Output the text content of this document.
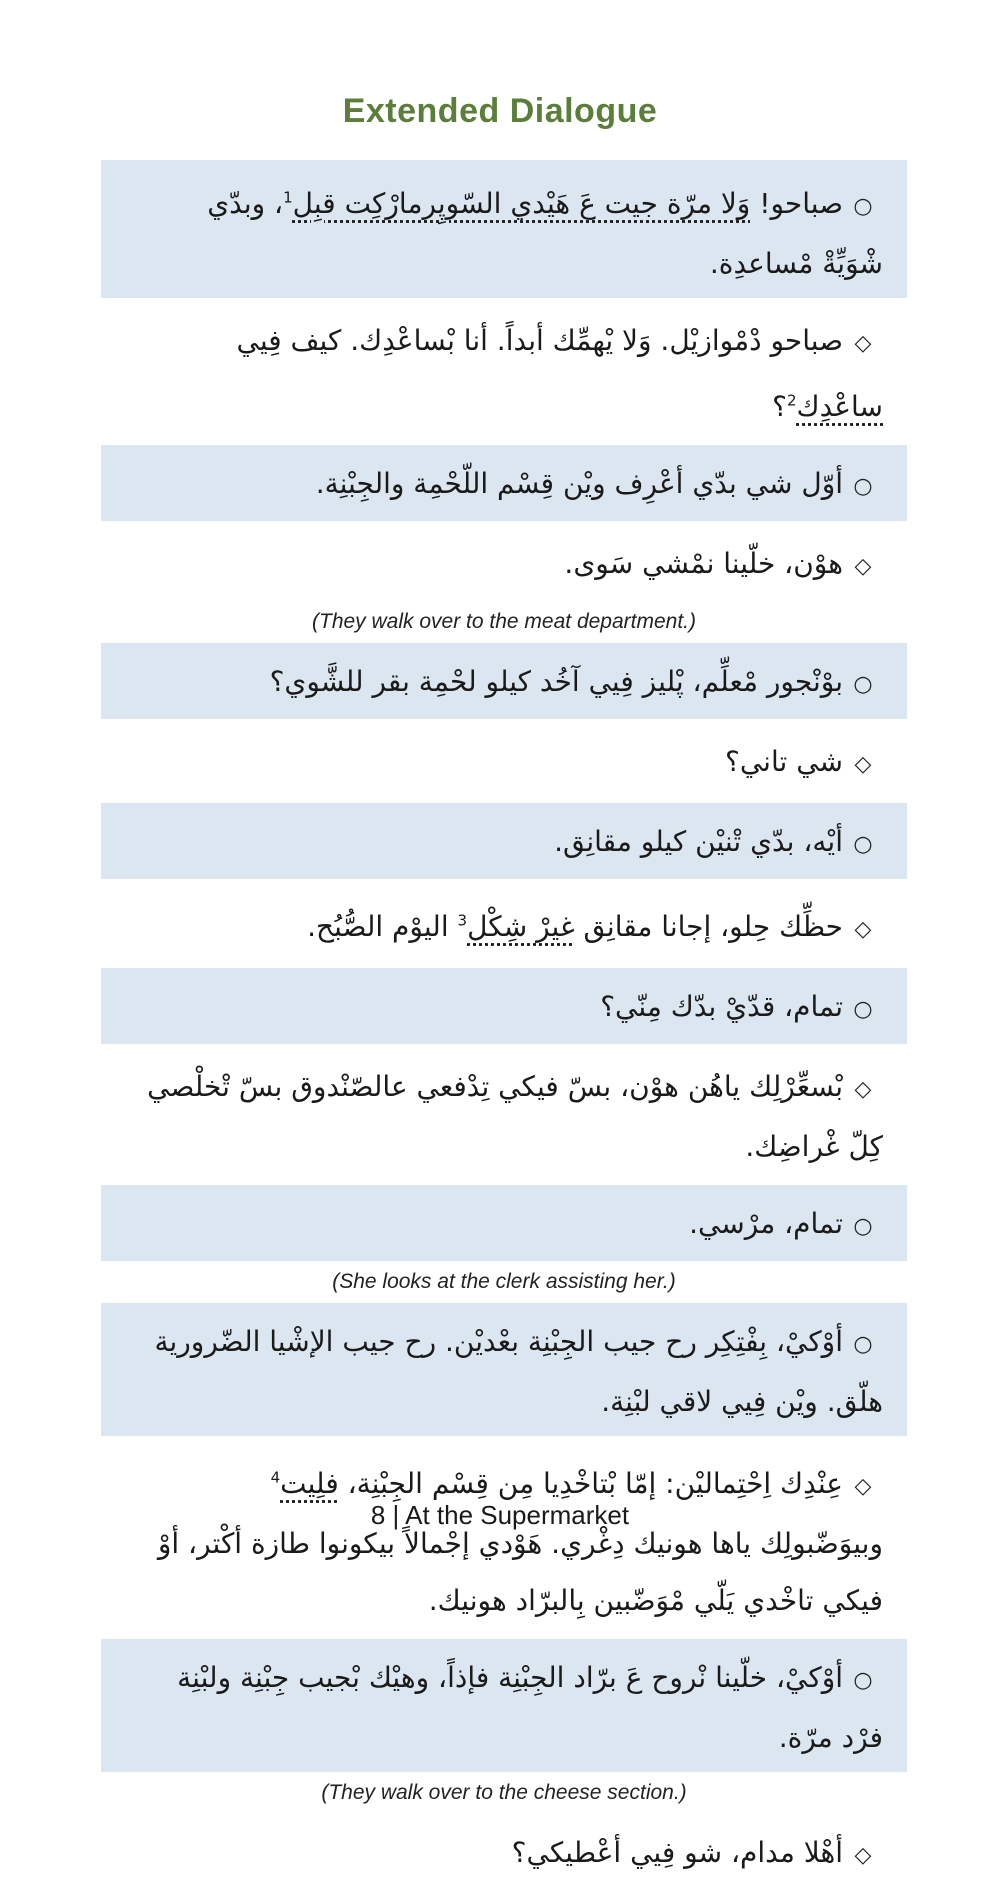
Extended Dialogue
○صباحو! وَلا مرّة جيت عَ هَيْدي السّوپِرمارْكِت قبِل$^1$، وبدّي شْوَيِّةْ مْساعدِة.
◇صباحو دْمْوازيْل. وَلا يْهمِّك أبداً. أنا بْساعْدِك. كيف فِيي ساعْدِك$^2$؟
○أوّل شي بدّي أعْرِف ويْن قِسْم اللّحْمِة والجِبْنِة.
◇هوْن، خلّينا نمْشي سَوى.
(They walk over to the meat department.)
○بوْنْجور مْعلِّم، پْليز فِيي آخُد كيلو لحْمِة بقر للشَّوي؟
◇شي تاني؟
○أيْه، بدّي تْنيْن كيلو مقانِق.
◇حظِّك حِلو، إجانا مقانِق غيرْ شِكْل$^3$ اليوْم الصُّبُح.
○تمام، قدّيْ بدّك مِنّي؟
◇بْسعِّرْلِك ياهُن هوْن، بسّ فيكي تِدْفعي عالصّنْدوق بسّ تْخلْصي كِلّ غْراضِك.
○تمام، مرْسي.
(She looks at the clerk assisting her.)
○أوْكيْ، بِفْتِكِر رح جيب الجِبْنِة بعْديْن. رح جيب الإشْيا الضّرورية هلّق. ويْن فِيي لاقي لبْنِة.
◇عِنْدِك اِحْتِماليْن: إمّا بْتاخْدِيا مِن قِسْم الجِبْنِة، فلِيت$^4$ وبيوَضّبولِك ياها هونيك دِغْري. هَوْدي إجْمالاً بيكونوا طازة أكْتر، أوْ فيكي تاخْدي يَلّي مْوَضّبين بِالبرّاد هونيك.
○أوْكيْ، خلّينا نْروح عَ برّاد الجِبْنِة فإذاً، وهيْك بْجيب جِبْنِة ولبْنِة فرْد مرّة.
(They walk over to the cheese section.)
◇أهْلا مدام، شو فِيي أعْطيكي؟
8 | At the Supermarket
